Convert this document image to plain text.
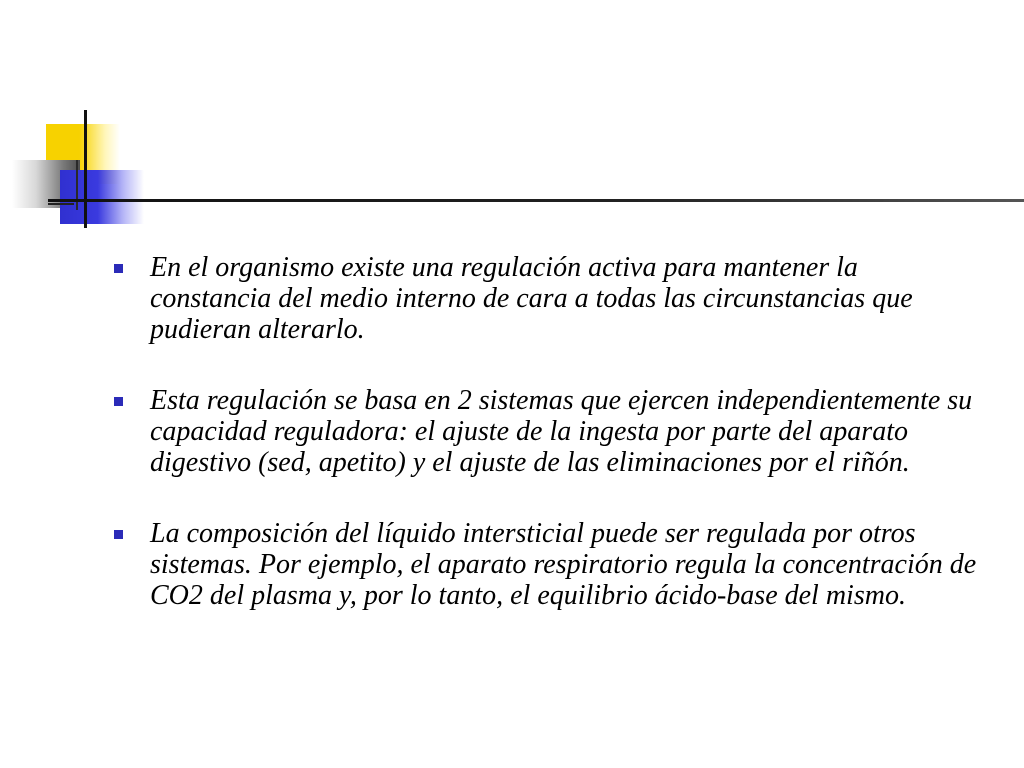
En el organismo existe una regulación activa para mantener la constancia del medio interno de cara a todas las circunstancias que pudieran alterarlo.
Esta regulación se basa en 2 sistemas que ejercen independientemente su capacidad reguladora: el ajuste de la ingesta por parte del aparato digestivo (sed, apetito) y el ajuste de las eliminaciones por el riñón.
La composición del líquido intersticial puede ser regulada por otros sistemas. Por ejemplo, el aparato respiratorio regula la concentración de CO2 del plasma y, por lo tanto, el equilibrio ácido-base del mismo.
